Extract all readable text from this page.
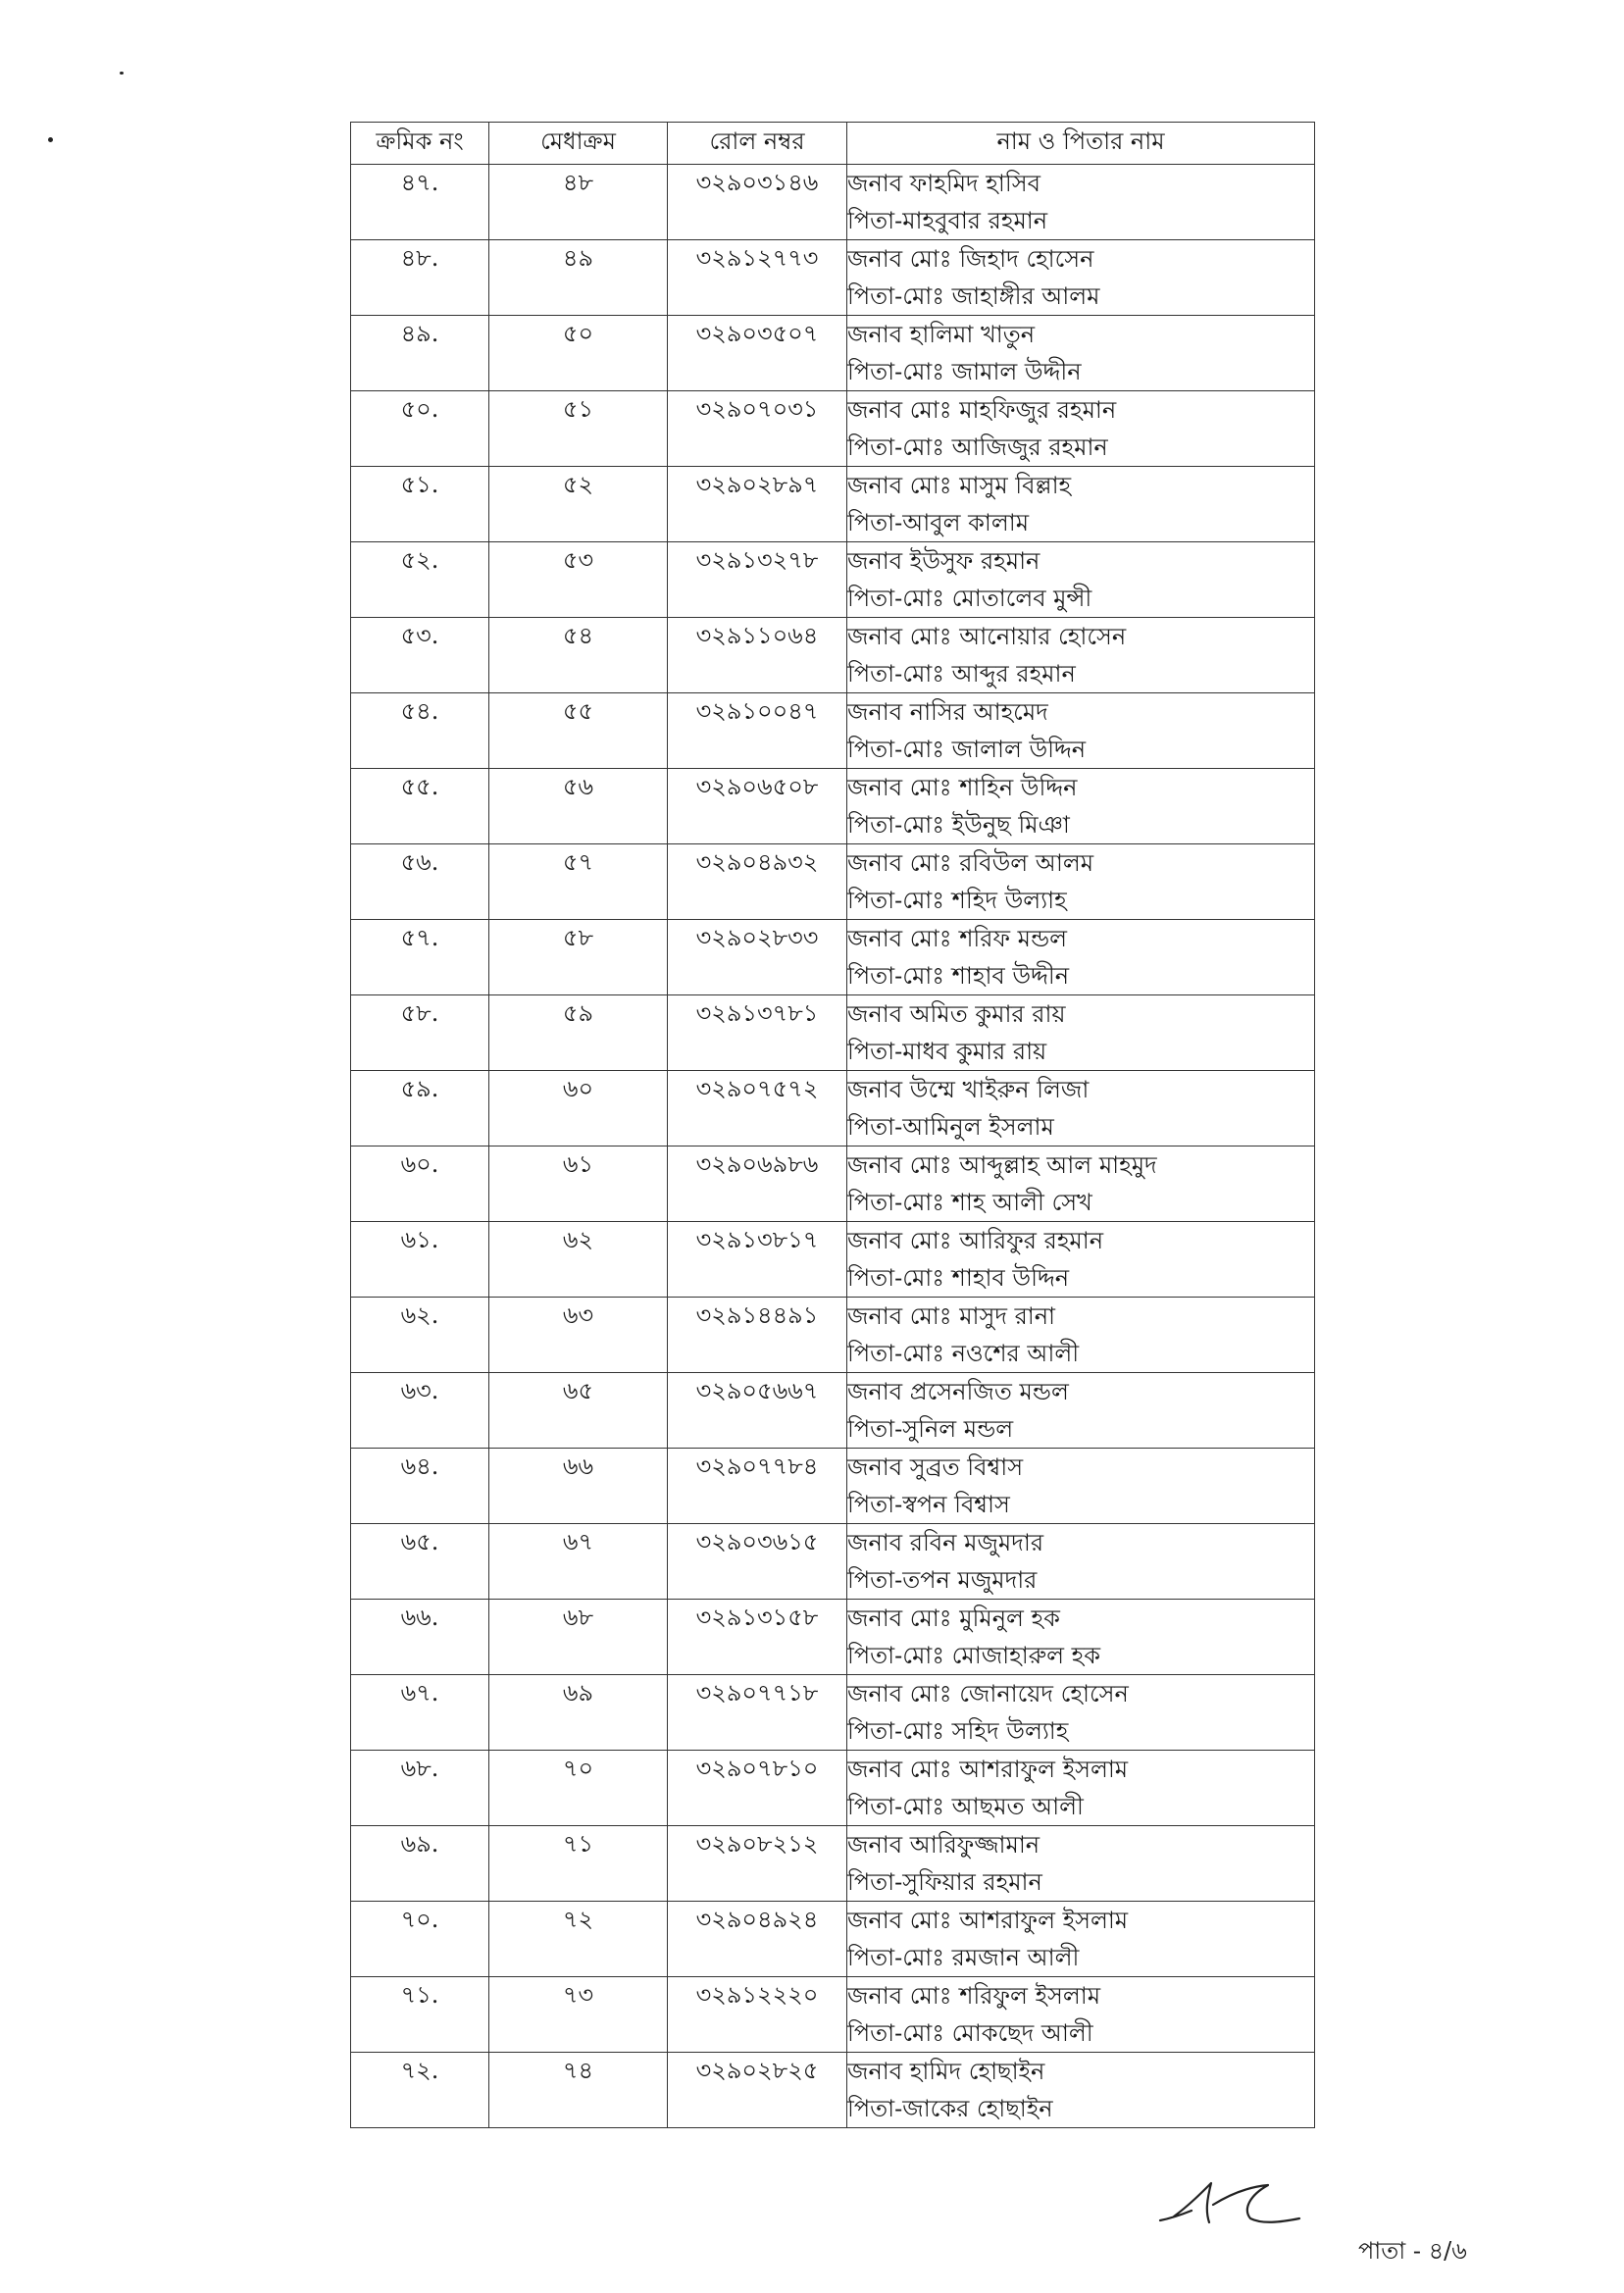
ক্রমিক নং	মেধাক্রম	রোল নম্বর	নাম ও পিতার নাম
৪৭.	৪৮	৩২৯০৩১৪৬	জনাব ফাহমিদ হাসিব
পিতা-মাহবুবার রহমান

৪৮.	৪৯	৩২৯১২৭৭৩	জনাব মোঃ জিহাদ হোসেন
পিতা-মোঃ জাহাঙ্গীর আলম

৪৯.	৫০	৩২৯০৩৫০৭	জনাব হালিমা খাতুন
পিতা-মোঃ জামাল উদ্দীন

৫০.	৫১	৩২৯০৭০৩১	জনাব মোঃ মাহফিজুর রহমান
পিতা-মোঃ আজিজুর রহমান

৫১.	৫২	৩২৯০২৮৯৭	জনাব মোঃ মাসুম বিল্লাহ
পিতা-আবুল কালাম

৫২.	৫৩	৩২৯১৩২৭৮	জনাব ইউসুফ রহমান
পিতা-মোঃ মোতালেব মুন্সী

৫৩.	৫৪	৩২৯১১০৬৪	জনাব মোঃ আনোয়ার হোসেন
পিতা-মোঃ আব্দুর রহমান

৫৪.	৫৫	৩২৯১০০৪৭	জনাব নাসির আহমেদ
পিতা-মোঃ জালাল উদ্দিন

৫৫.	৫৬	৩২৯০৬৫০৮	জনাব মোঃ শাহিন উদ্দিন
পিতা-মোঃ ইউনুছ মিঞা

৫৬.	৫৭	৩২৯০৪৯৩২	জনাব মোঃ রবিউল আলম
পিতা-মোঃ শহিদ উল্যাহ

৫৭.	৫৮	৩২৯০২৮৩৩	জনাব মোঃ শরিফ মন্ডল
পিতা-মোঃ শাহাব উদ্দীন

৫৮.	৫৯	৩২৯১৩৭৮১	জনাব অমিত কুমার রায়
পিতা-মাধব কুমার রায়

৫৯.	৬০	৩২৯০৭৫৭২	জনাব উম্মে খাইরুন লিজা
পিতা-আমিনুল ইসলাম

৬০.	৬১	৩২৯০৬৯৮৬	জনাব মোঃ আব্দুল্লাহ আল মাহমুদ
পিতা-মোঃ শাহ আলী সেখ

৬১.	৬২	৩২৯১৩৮১৭	জনাব মোঃ আরিফুর রহমান
পিতা-মোঃ শাহাব উদ্দিন

৬২.	৬৩	৩২৯১৪৪৯১	জনাব মোঃ মাসুদ রানা
পিতা-মোঃ নওশের আলী

৬৩.	৬৫	৩২৯০৫৬৬৭	জনাব প্রসেনজিত মন্ডল
পিতা-সুনিল মন্ডল

৬৪.	৬৬	৩২৯০৭৭৮৪	জনাব সুব্রত বিশ্বাস
পিতা-স্বপন বিশ্বাস

৬৫.	৬৭	৩২৯০৩৬১৫	জনাব রবিন মজুমদার
পিতা-তপন মজুমদার

৬৬.	৬৮	৩২৯১৩১৫৮	জনাব মোঃ মুমিনুল হক
পিতা-মোঃ মোজাহারুল হক

৬৭.	৬৯	৩২৯০৭৭১৮	জনাব মোঃ জোনায়েদ হোসেন
পিতা-মোঃ সহিদ উল্যাহ

৬৮.	৭০	৩২৯০৭৮১০	জনাব মোঃ আশরাফুল ইসলাম
পিতা-মোঃ আছমত আলী

৬৯.	৭১	৩২৯০৮২১২	জনাব আরিফুজ্জামান
পিতা-সুফিয়ার রহমান

৭০.	৭২	৩২৯০৪৯২৪	জনাব মোঃ আশরাফুল ইসলাম
পিতা-মোঃ রমজান আলী

৭১.	৭৩	৩২৯১২২২০	জনাব মোঃ শরিফুল ইসলাম
পিতা-মোঃ মোকছেদ আলী

৭২.	৭৪	৩২৯০২৮২৫	জনাব হামিদ হোছাইন
পিতা-জাকের হোছাইন
পাতা - ৪/৬
